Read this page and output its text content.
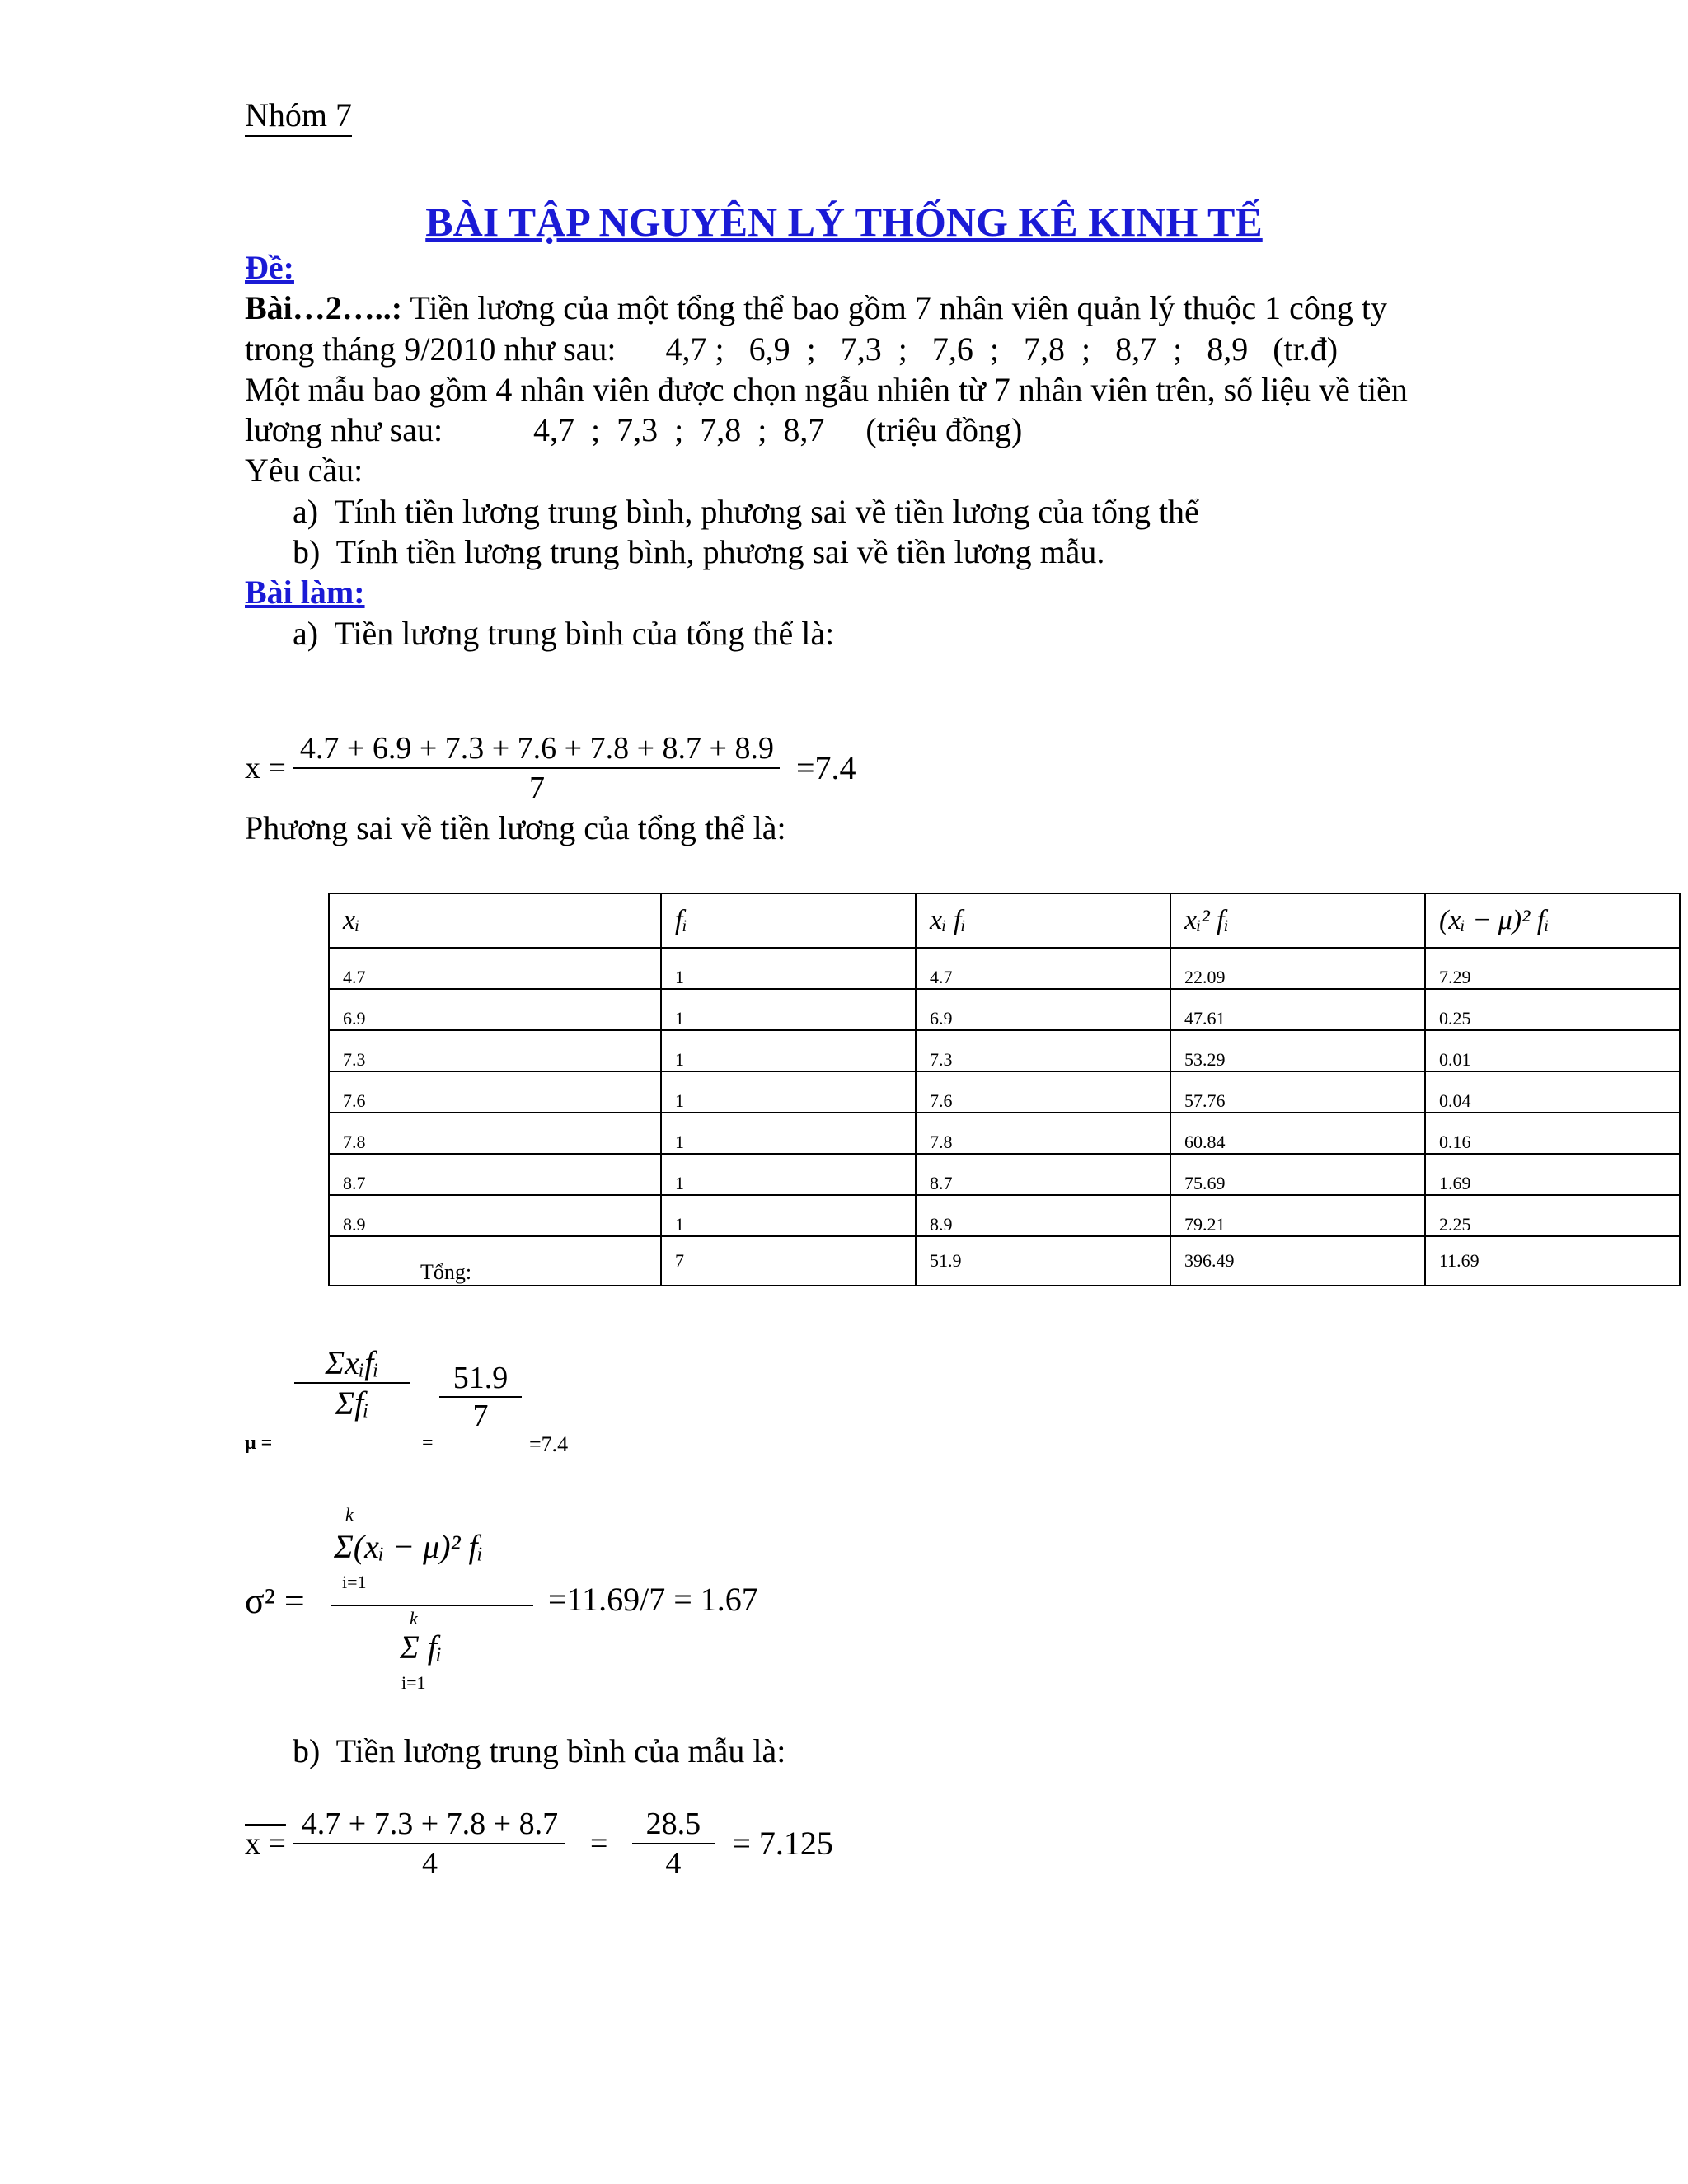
Nhóm 7
BÀI TẬP NGUYÊN LÝ THỐNG KÊ KINH TẾ
Đề:
Bài…2…..: Tiền lương của một tổng thể bao gồm 7 nhân viên quản lý thuộc 1 công ty
trong tháng 9/2010 như sau:      4,7 ;   6,9  ;   7,3  ;   7,6  ;   7,8  ;   8,7  ;   8,9   (tr.đ)
Một mẫu bao gồm 4 nhân viên được chọn ngẫu nhiên từ 7 nhân viên trên, số liệu về tiền
lương như sau:           4,7  ;  7,3  ;  7,8  ;  8,7     (triệu đồng)
Yêu cầu:
a)  Tính tiền lương trung bình, phương sai về tiền lương của tổng thể
b)  Tính tiền lương trung bình, phương sai về tiền lương mẫu.
Bài làm:
a)  Tiền lương trung bình của tổng thể là:
$x = \frac{4.7 + 6.9 + 7.3 + 7.6 + 7.8 + 8.7 + 8.9}{7} =7.4$
Phương sai về tiền lương của tổng thể là:
xᵢ	fᵢ	xᵢ fᵢ	xᵢ² fᵢ	(xᵢ − μ)² fᵢ
4.7	1	4.7	22.09	7.29
6.9	1	6.9	47.61	0.25
7.3	1	7.3	53.29	0.01
7.6	1	7.6	57.76	0.04
7.8	1	7.8	60.84	0.16
8.7	1	8.7	75.69	1.69
8.9	1	8.9	79.21	2.25
Tổng:	7	51.9	396.49	11.69
μ =
Σxᵢfᵢ
Σfᵢ
=
$\frac{51.9}{7}$
=7.4
σ² =
k
Σ(xᵢ − μ)² fᵢ
i=1
k
Σ fᵢ
i=1
=11.69/7 = 1.67
b)  Tiền lương trung bình của mẫu là:
$x = \frac{4.7 + 7.3 + 7.8 + 8.7}{4} = \frac{28.5}{4} = 7.125$
